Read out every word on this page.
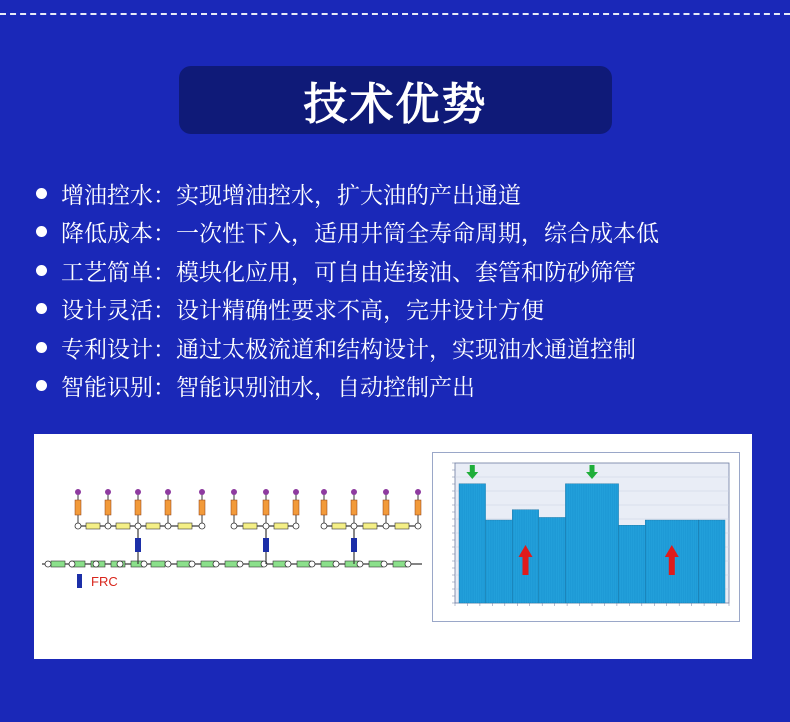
技术优势
增油控水 ： 实现增油控水，扩大油的产出通道
降低成本 ： 一次性下入，适用井筒全寿命周期，综合成本低
工艺简单 ： 模块化应用，可自由连接油、套管和防砂筛管
设计灵活 ： 设计精确性要求不高，完井设计方便
专利设计 ： 通过太极流道和结构设计，实现油水通道控制
智能识别 ： 智能识别油水，自动控制产出
FRC
